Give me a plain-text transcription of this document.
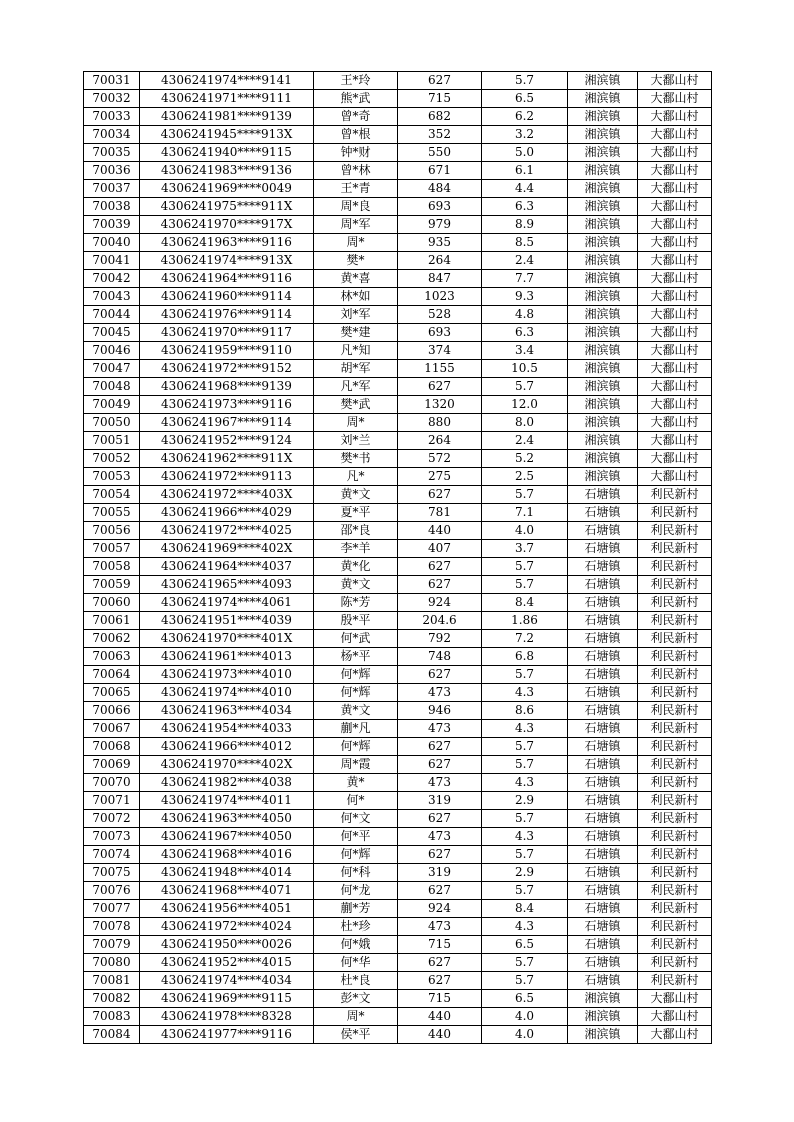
70031	4306241974****9141	王*玲	627	5.7	湘滨镇	大鄱山村
70032	4306241971****9111	熊*武	715	6.5	湘滨镇	大鄱山村
70033	4306241981****9139	曾*奇	682	6.2	湘滨镇	大鄱山村
70034	4306241945****913X	曾*根	352	3.2	湘滨镇	大鄱山村
70035	4306241940****9115	钟*财	550	5.0	湘滨镇	大鄱山村
70036	4306241983****9136	曾*林	671	6.1	湘滨镇	大鄱山村
70037	4306241969****0049	王*青	484	4.4	湘滨镇	大鄱山村
70038	4306241975****911X	周*良	693	6.3	湘滨镇	大鄱山村
70039	4306241970****917X	周*军	979	8.9	湘滨镇	大鄱山村
70040	4306241963****9116	周*	935	8.5	湘滨镇	大鄱山村
70041	4306241974****913X	樊*	264	2.4	湘滨镇	大鄱山村
70042	4306241964****9116	黄*喜	847	7.7	湘滨镇	大鄱山村
70043	4306241960****9114	林*如	1023	9.3	湘滨镇	大鄱山村
70044	4306241976****9114	刘*军	528	4.8	湘滨镇	大鄱山村
70045	4306241970****9117	樊*建	693	6.3	湘滨镇	大鄱山村
70046	4306241959****9110	凡*知	374	3.4	湘滨镇	大鄱山村
70047	4306241972****9152	胡*军	1155	10.5	湘滨镇	大鄱山村
70048	4306241968****9139	凡*军	627	5.7	湘滨镇	大鄱山村
70049	4306241973****9116	樊*武	1320	12.0	湘滨镇	大鄱山村
70050	4306241967****9114	周*	880	8.0	湘滨镇	大鄱山村
70051	4306241952****9124	刘*兰	264	2.4	湘滨镇	大鄱山村
70052	4306241962****911X	樊*书	572	5.2	湘滨镇	大鄱山村
70053	4306241972****9113	凡*	275	2.5	湘滨镇	大鄱山村
70054	4306241972****403X	黄*文	627	5.7	石塘镇	利民新村
70055	4306241966****4029	夏*平	781	7.1	石塘镇	利民新村
70056	4306241972****4025	邵*良	440	4.0	石塘镇	利民新村
70057	4306241969****402X	李*羊	407	3.7	石塘镇	利民新村
70058	4306241964****4037	黄*化	627	5.7	石塘镇	利民新村
70059	4306241965****4093	黄*文	627	5.7	石塘镇	利民新村
70060	4306241974****4061	陈*芳	924	8.4	石塘镇	利民新村
70061	4306241951****4039	殷*平	204.6	1.86	石塘镇	利民新村
70062	4306241970****401X	何*武	792	7.2	石塘镇	利民新村
70063	4306241961****4013	杨*平	748	6.8	石塘镇	利民新村
70064	4306241973****4010	何*辉	627	5.7	石塘镇	利民新村
70065	4306241974****4010	何*辉	473	4.3	石塘镇	利民新村
70066	4306241963****4034	黄*文	946	8.6	石塘镇	利民新村
70067	4306241954****4033	蒯*凡	473	4.3	石塘镇	利民新村
70068	4306241966****4012	何*辉	627	5.7	石塘镇	利民新村
70069	4306241970****402X	周*霞	627	5.7	石塘镇	利民新村
70070	4306241982****4038	黄*	473	4.3	石塘镇	利民新村
70071	4306241974****4011	何*	319	2.9	石塘镇	利民新村
70072	4306241963****4050	何*文	627	5.7	石塘镇	利民新村
70073	4306241967****4050	何*平	473	4.3	石塘镇	利民新村
70074	4306241968****4016	何*辉	627	5.7	石塘镇	利民新村
70075	4306241948****4014	何*科	319	2.9	石塘镇	利民新村
70076	4306241968****4071	何*龙	627	5.7	石塘镇	利民新村
70077	4306241956****4051	蒯*芳	924	8.4	石塘镇	利民新村
70078	4306241972****4024	杜*珍	473	4.3	石塘镇	利民新村
70079	4306241950****0026	何*娥	715	6.5	石塘镇	利民新村
70080	4306241952****4015	何*华	627	5.7	石塘镇	利民新村
70081	4306241974****4034	杜*良	627	5.7	石塘镇	利民新村
70082	4306241969****9115	彭*文	715	6.5	湘滨镇	大鄱山村
70083	4306241978****8328	周*	440	4.0	湘滨镇	大鄱山村
70084	4306241977****9116	侯*平	440	4.0	湘滨镇	大鄱山村
